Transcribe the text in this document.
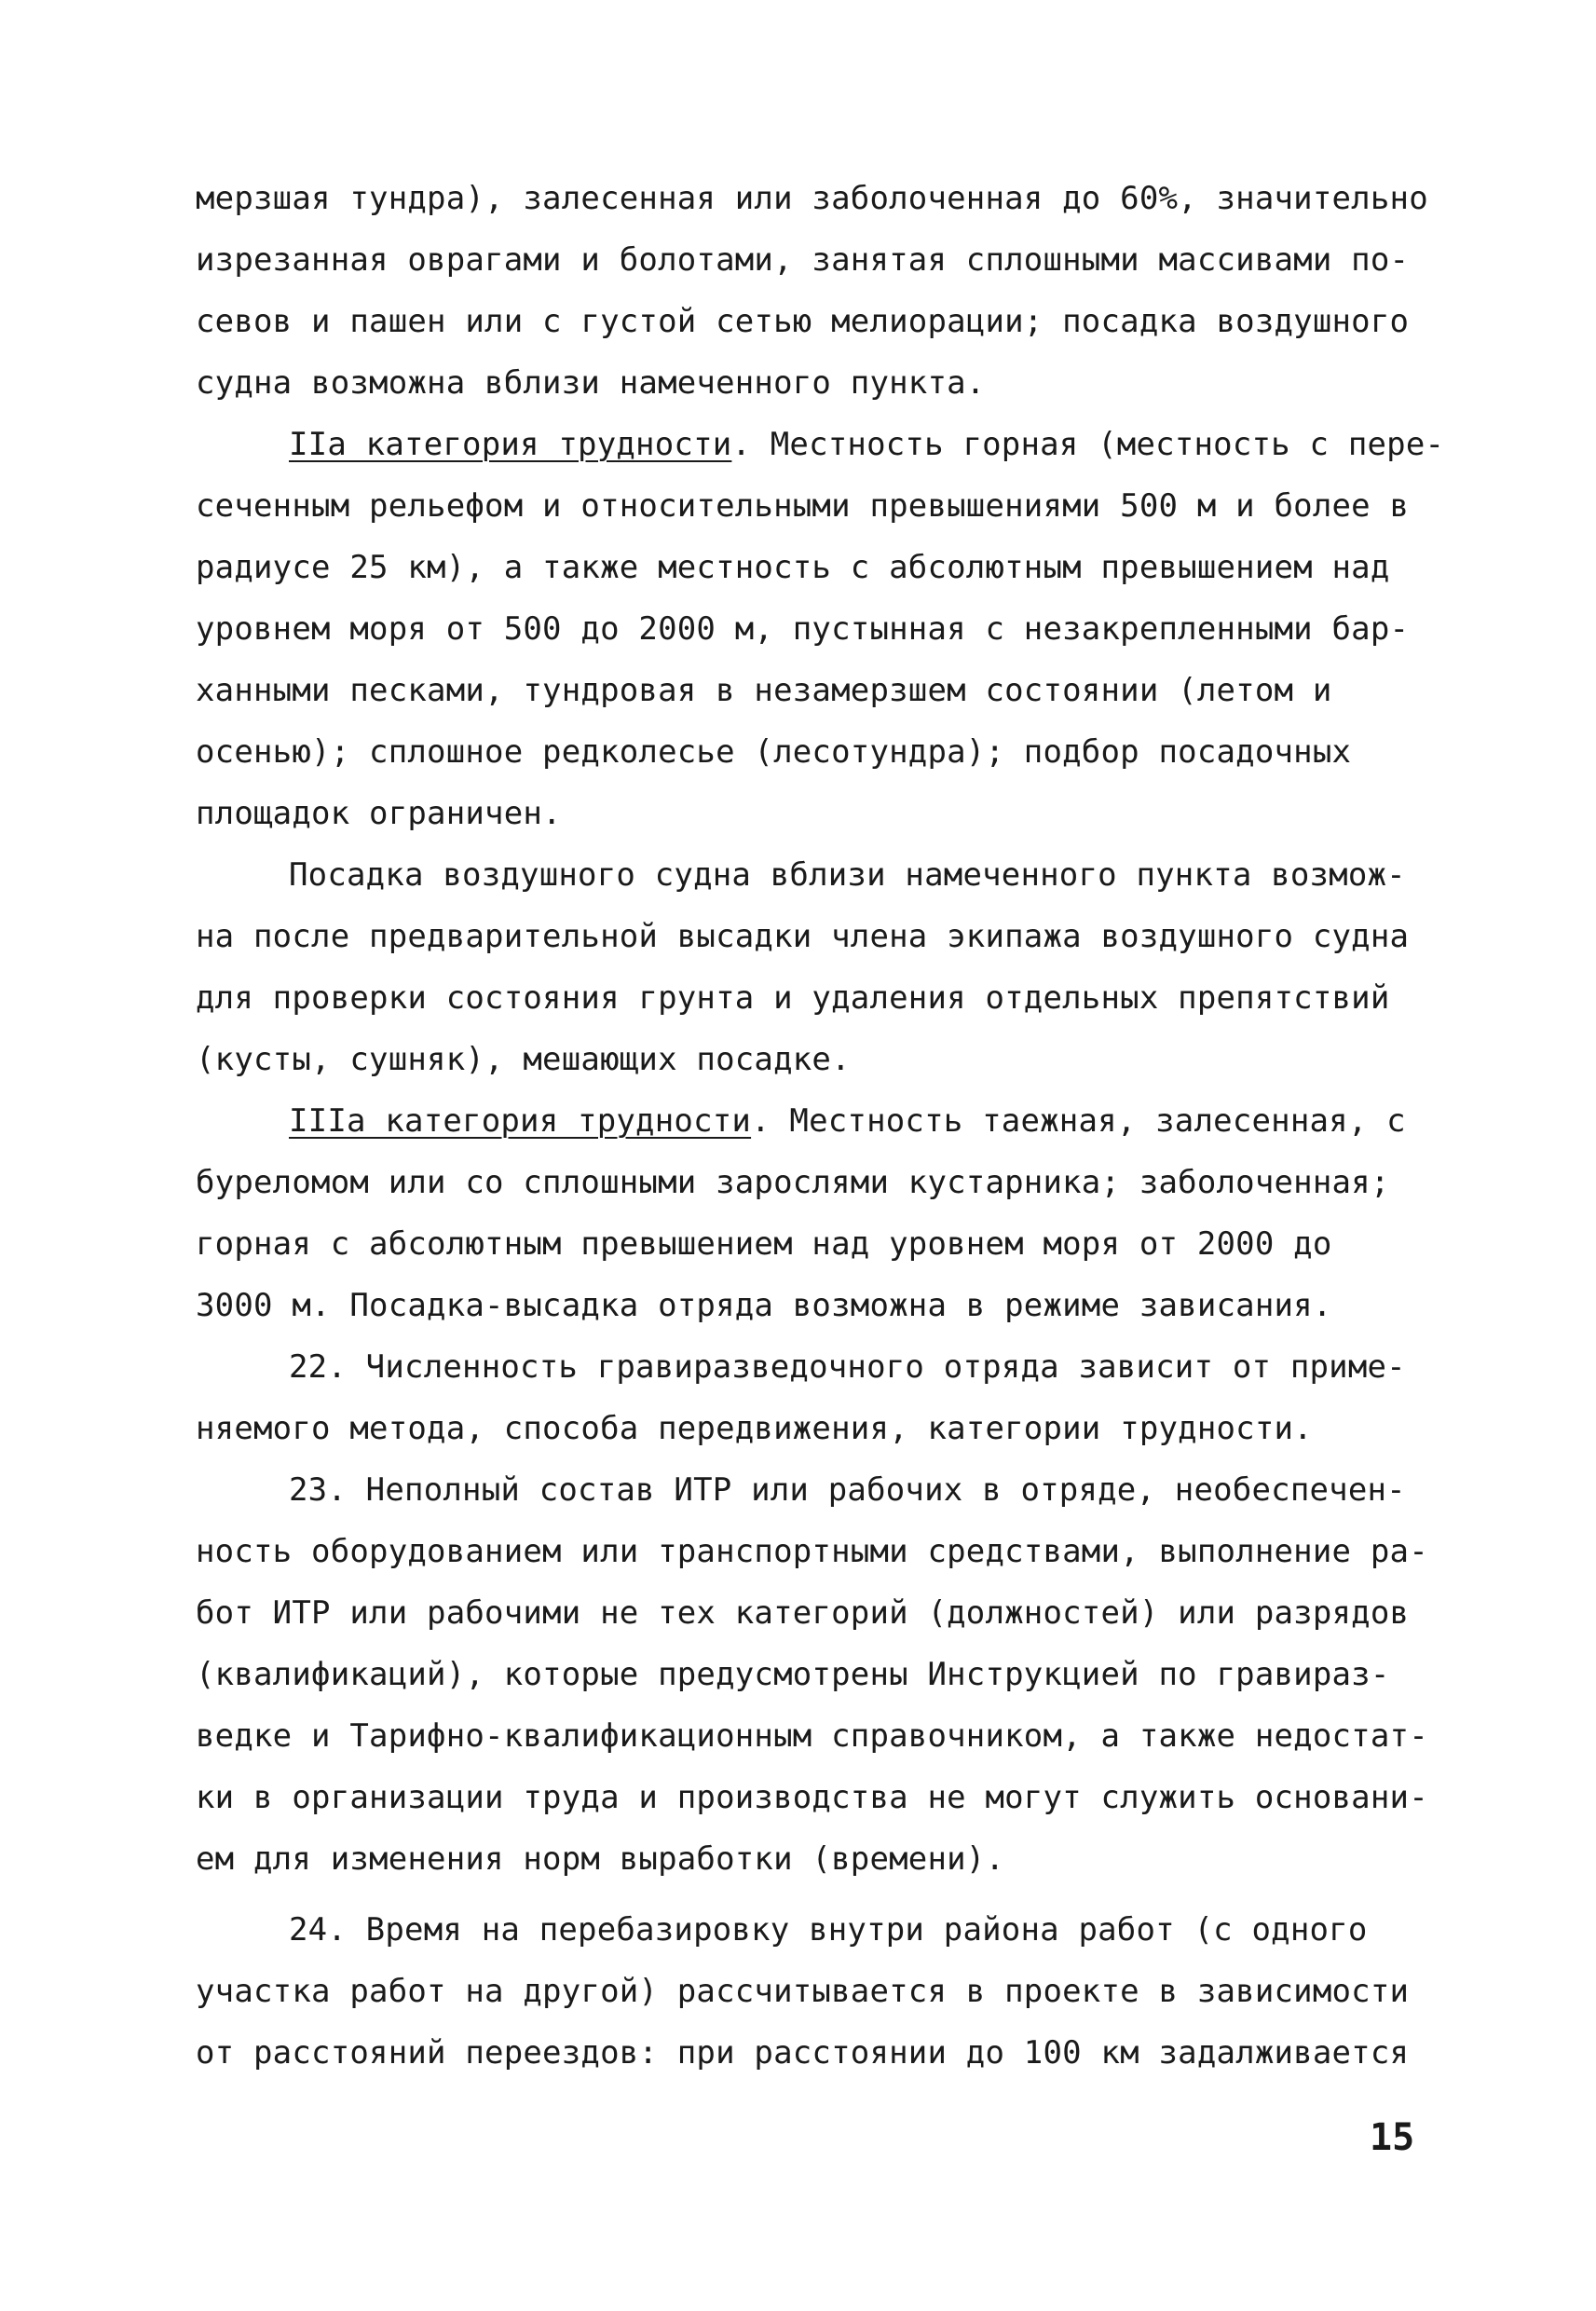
мерзшая тундра), залесенная или заболоченная до 60%, значительно
изрезанная оврагами и болотами, занятая сплошными массивами по-
севов и пашен или с густой сетью мелиорации; посадка воздушного
судна возможна вблизи намеченного пункта.
IIa категория трудности. Местность горная (местность с пере-
сеченным рельефом и относительными превышениями 500 м и более в
радиусе 25 км), а также местность с абсолютным превышением над
уровнем моря от 500 до 2000 м, пустынная с незакрепленными бар-
ханными песками, тундровая в незамерзшем состоянии (летом и
осенью); сплошное редколесье (лесотундра); подбор посадочных
площадок ограничен.
Посадка воздушного судна вблизи намеченного пункта возмож-
на после предварительной высадки члена экипажа воздушного судна
для проверки состояния грунта и удаления отдельных препятствий
(кусты, сушняк), мешающих посадке.
IIIa категория трудности. Местность таежная, залесенная, с
буреломом или со сплошными зарослями кустарника; заболоченная;
горная с абсолютным превышением над уровнем моря от 2000 до
3000 м. Посадка-высадка отряда возможна в режиме зависания.
22. Численность гравиразведочного отряда зависит от приме-
няемого метода, способа передвижения, категории трудности.
23. Неполный состав ИТР или рабочих в отряде, необеспечен-
ность оборудованием или транспортными средствами, выполнение ра-
бот ИТР или рабочими не тех категорий (должностей) или разрядов
(квалификаций), которые предусмотрены Инструкцией по гравираз-
ведке и Тарифно-квалификационным справочником, а также недостат-
ки в организации труда и производства не могут служить основани-
ем для изменения норм выработки (времени).
24. Время на перебазировку внутри района работ (с одного
участка работ на другой) рассчитывается в проекте в зависимости
от расстояний переездов: при расстоянии до 100 км задалживается
15
